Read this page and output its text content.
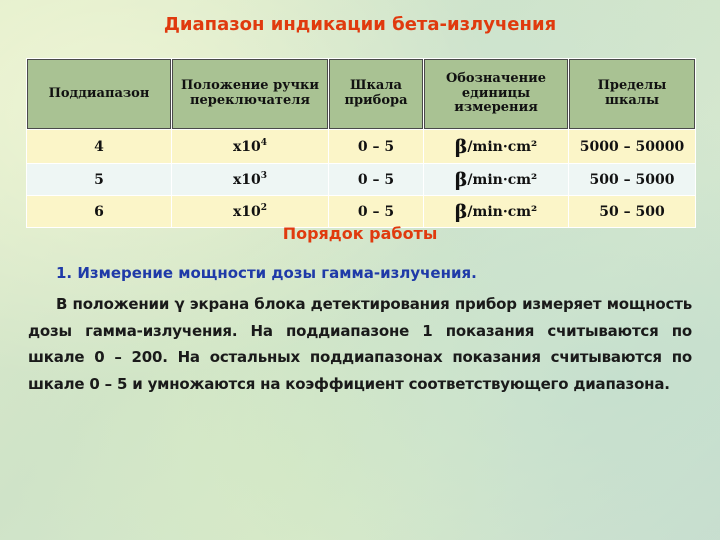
Диапазон индикации бета-излучения
Поддиапазон	Положение ручки переключателя	Шкала прибора	Обозначение единицы измерения	Пределы шкалы
4	$x10^4$	0 – 5	β/min·cm²	5000 – 50000
5	$x10^3$	0 – 5	β/min·cm²	500 – 5000
6	$x10^2$	0 – 5	β/min·cm²	50 – 500
Порядок работы
1. Измерение мощности дозы гамма-излучения.
В положении γ экрана блока детектирования прибор измеряет мощность дозы гамма-излучения. На поддиапазоне 1 показания считываются по шкале 0 – 200. На остальных поддиапазонах показания считываются по шкале 0 – 5 и умножаются на коэффициент соответствующего диапазона.
